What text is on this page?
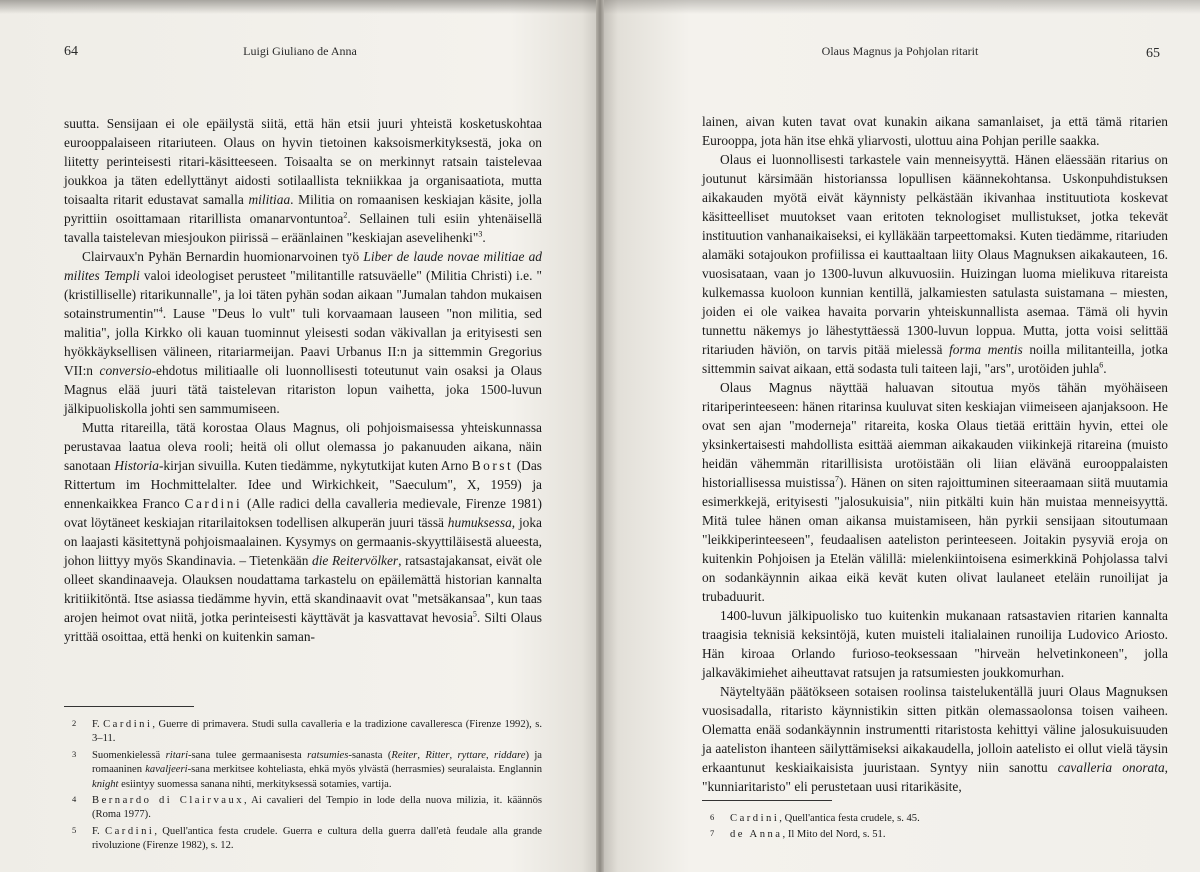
64	Luigi Giuliano de Anna

suutta. Sensijaan ei ole epäilystä siitä, että hän etsii juuri yhteistä kosketuskohtaa eurooppalaiseen ritariuteen. Olaus on hyvin tietoinen kaksoismerkityksestä, joka on liitetty perinteisesti ritari-käsitteeseen. Toisaalta se on merkinnyt ratsain taistelevaa joukkoa ja täten edellyttänyt aidosti sotilaallista tekniikkaa ja organisaatiota, mutta toisaalta ritarit edustavat samalla militiaa. Militia on romaanisen keskiajan käsite, jolla pyrittiin osoittamaan ritarillista omanarvontuntoa$^2$. Sellainen tuli esiin yhtenäisellä tavalla taistelevan miesjoukon piirissä – eräänlainen "keskiajan asevelihenki"$^3$.

Clairvaux'n Pyhän Bernardin huomionarvoinen työ Liber de laude novae militiae ad milites Templi valoi ideologiset perusteet "militantille ratsuväelle" (Militia Christi) i.e. "(kristilliselle) ritarikunnalle", ja loi täten pyhän sodan aikaan "Jumalan tahdon mukaisen sotainstrumentin"$^4$. Lause "Deus lo vult" tuli korvaamaan lauseen "non militia, sed malitia", jolla Kirkko oli kauan tuominnut yleisesti sodan väkivallan ja erityisesti sen hyökkäyksellisen välineen, ritariarmeijan. Paavi Urbanus II:n ja sittemmin Gregorius VII:n conversio-ehdotus militiaalle oli luonnollisesti toteutunut vain osaksi ja Olaus Magnus elää juuri tätä taistelevan ritariston lopun vaihetta, joka 1500-luvun jälkipuoliskolla johti sen sammumiseen.

Mutta ritareilla, tätä korostaa Olaus Magnus, oli pohjoismaisessa yhteiskunnassa perustavaa laatua oleva rooli; heitä oli ollut olemassa jo pakanuuden aikana, näin sanotaan Historia-kirjan sivuilla. Kuten tiedämme, nykytutkijat kuten Arno Borst (Das Rittertum im Hochmittelalter. Idee und Wirkichkeit, "Saeculum", X, 1959) ja ennenkaikkea Franco Cardini (Alle radici della cavalleria medievale, Firenze 1981) ovat löytäneet keskiajan ritarilaitoksen todellisen alkuperän juuri tässä humuksessa, joka on laajasti käsitettynä pohjoismaalainen. Kysymys on germaanis-skyyttiläisestä alueesta, johon liittyy myös Skandinavia. – Tietenkään die Reitervölker, ratsastajakansat, eivät ole olleet skandinaaveja. Olauksen noudattama tarkastelu on epäilemättä historian kannalta kritiikitöntä. Itse asiassa tiedämme hyvin, että skandinaavit ovat "metsäkansaa", kun taas arojen heimot ovat niitä, jotka perinteisesti käyttävät ja kasvattavat hevosia$^5$. Silti Olaus yrittää osoittaa, että henki on kuitenkin saman-

2 F. Cardini, Guerre di primavera. Studi sulla cavalleria e la tradizione cavalleresca (Firenze 1992), s. 3–11.
3 Suomenkielessä ritari-sana tulee germaanisesta ratsumies-sanasta (Reiter, Ritter, ryttare, riddare) ja romaaninen kavaljeeri-sana merkitsee kohteliasta, ehkä myös ylvästä (herrasmies) seuralaista. Englannin knight esiintyy suomessa sanana nihti, merkityksessä sotamies, vartija.
4 Bernardo di Clairvaux, Ai cavalieri del Tempio in lode della nuova milizia, it. käännös (Roma 1977).
5 F. Cardini, Quell'antica festa crudele. Guerra e cultura della guerra dall'età feudale alla grande rivoluzione (Firenze 1982), s. 12.
Olaus Magnus ja Pohjolan ritarit	65

lainen, aivan kuten tavat ovat kunakin aikana samanlaiset, ja että tämä ritarien Eurooppa, jota hän itse ehkä yliarvosti, ulottuu aina Pohjan perille saakka.

Olaus ei luonnollisesti tarkastele vain menneisyyttä. Hänen eläessään ritarius on joutunut kärsimään historianssa lopullisen käännekohtansa. Uskonpuhdistuksen aikakauden myötä eivät käynnisty pelkästään ikivanhaa instituutiota koskevat käsitteelliset muutokset vaan eritoten teknologiset mullistukset, jotka tekevät instituution vanhanaikaiseksi, ei kylläkään tarpeettomaksi. Kuten tiedämme, ritariuden alamäki sotajoukon profiilissa ei kauttaaltaan liity Olaus Magnuksen aikakauteen, 16. vuosisataan, vaan jo 1300-luvun alkuvuosiin. Huizingan luoma mielikuva ritareista kulkemassa kuoloon kunnian kentillä, jalkamiesten satulasta suistamana – miesten, joiden ei ole vaikea havaita porvarin yhteiskunnallista asemaa. Tämä oli hyvin tunnettu näkemys jo lähestyttäessä 1300-luvun loppua. Mutta, jotta voisi selittää ritariuden häviön, on tarvis pitää mielessä forma mentis noilla militanteilla, jotka sittemmin saivat aikaan, että sodasta tuli taiteen laji, "ars", urotöiden juhla$^6$.

Olaus Magnus näyttää haluavan sitoutua myös tähän myöhäiseen ritariperinteeseen: hänen ritarinsa kuuluvat siten keskiajan viimeiseen ajanjaksoon. He ovat sen ajan "moderneja" ritareita, koska Olaus tietää erittäin hyvin, ettei ole yksinkertaisesti mahdollista esittää aiemman aikakauden viikinkejä ritareina (muisto heidän vähemmän ritarillisista urotöistään oli liian elävänä eurooppalaisten historiallisessa muistissa$^7$). Hänen on siten rajoittuminen siteeraamaan siitä muutamia esimerkkejä, erityisesti "jalosukuisia", niin pitkälti kuin hän muistaa menneisyyttä. Mitä tulee hänen oman aikansa muistamiseen, hän pyrkii sensijaan sitoutumaan "leikkiperinteeseen", feudaalisen aateliston perinteeseen. Joitakin pysyviä eroja on kuitenkin Pohjoisen ja Etelän välillä: mielenkiintoisena esimerkkinä Pohjolassa talvi on sodankäynnin aikaa eikä kevät kuten olivat laulaneet eteläin runoilijat ja trubaduurit.

1400-luvun jälkipuolisko tuo kuitenkin mukanaan ratsastavien ritarien kannalta traagisia teknisiä keksintöjä, kuten muisteli italialainen runoilija Ludovico Ariosto. Hän kiroaa Orlando furioso-teoksessaan "hirveän helvetinkoneen", jolla jalkaväkimiehet aiheuttavat ratsujen ja ratsumiesten joukkomurhan.

Näyteltyään päätökseen sotaisen roolinsa taistelukentällä juuri Olaus Magnuksen vuosisadalla, ritaristo käynnistikin sitten pitkän olemassaolonsa toisen vaiheen. Olematta enää sodankäynnin instrumentti ritaristosta kehittyi väline jalosukuisuuden ja aateliston ihanteen säilyttämiseksi aikakaudella, jolloin aatelisto ei ollut vielä täysin erkaantunut keskiaikaisista juuristaan. Syntyy niin sanottu cavalleria onorata, "kunniaritaristo" eli perustetaan uusi ritarikäsite,

6 Cardini, Quell'antica festa crudele, s. 45.
7 de Anna, Il Mito del Nord, s. 51.
